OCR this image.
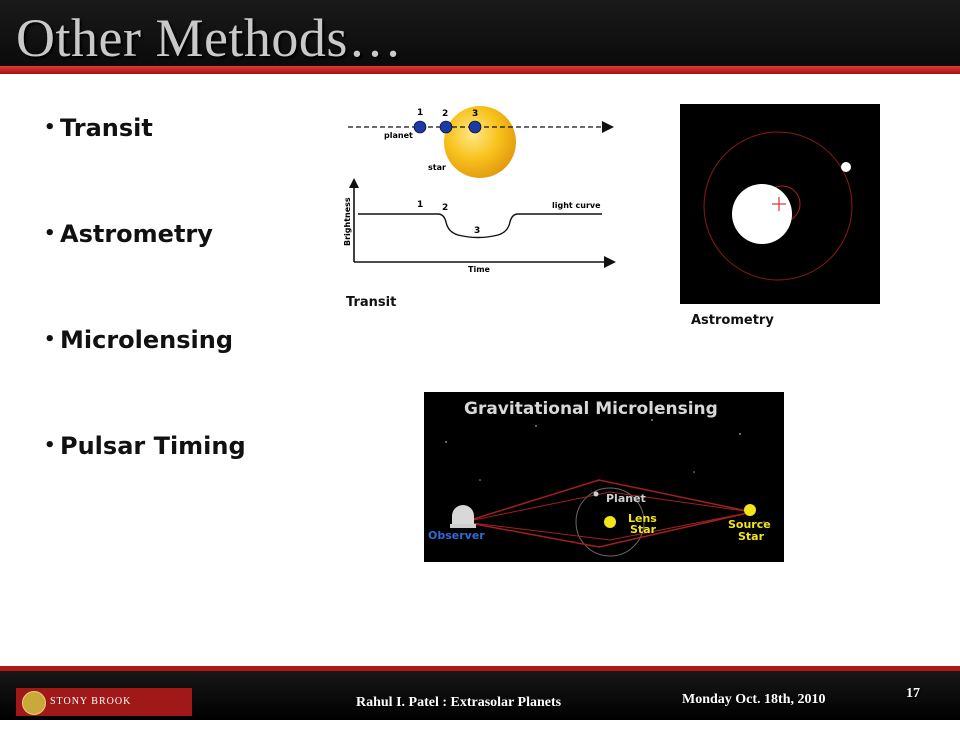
Other Methods…
• Transit
• Astrometry
• Microlensing
• Pulsar Timing
1 2	3
planet
star
Brightness
Time
light curve
1 2
3
Transit
Astrometry
Gravitational Microlensing
Observer
Planet
Lens
Star	Source
Star
STONY BROOK UNIVERSITY
Rahul I. Patel : Extrasolar Planets	Monday Oct. 18th, 2010	17
